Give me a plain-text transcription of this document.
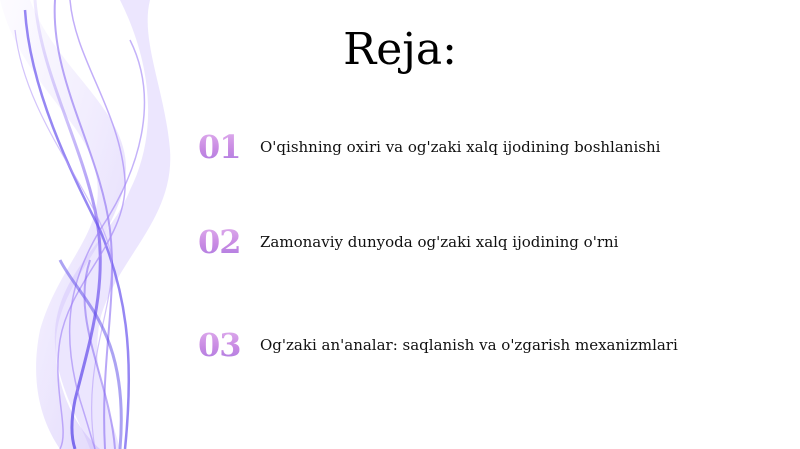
Reja:
01	O'qishning oxiri va og'zaki xalq ijodining boshlanishi
02	Zamonaviy dunyoda og'zaki xalq ijodining o'rni
03	Og'zaki an'analar: saqlanish va o'zgarish mexanizmlari
